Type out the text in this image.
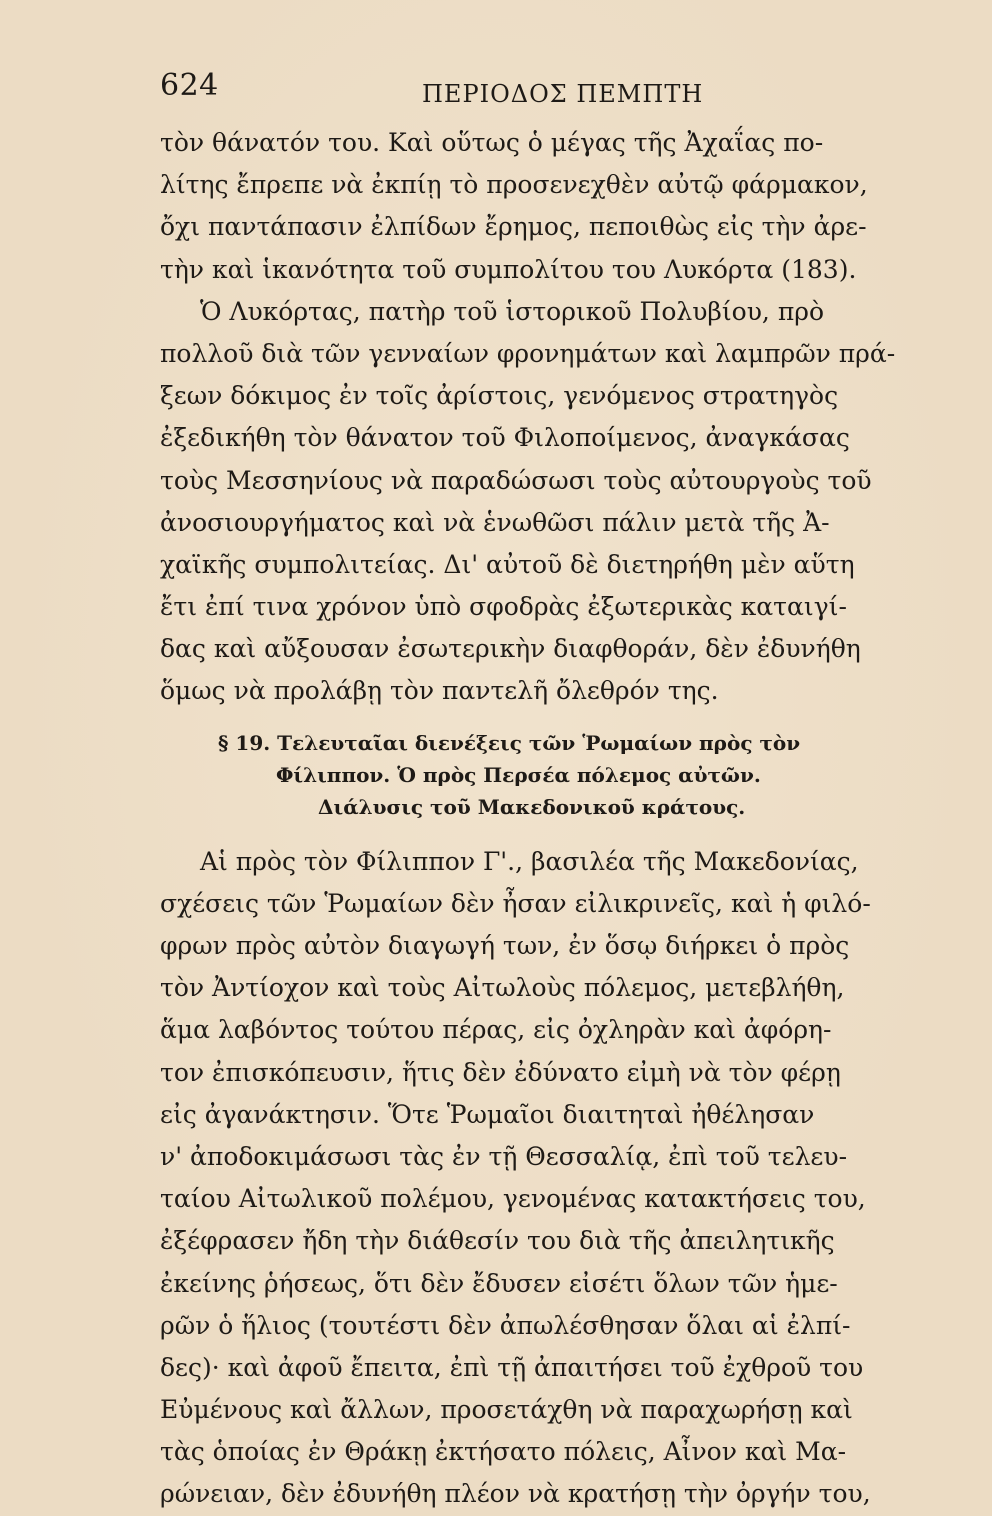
624	ΠΕΡΙΟΔΟΣ ΠΕΜΠΤΗ
τὸν θάνατόν του. Καὶ οὕτως ὁ μέγας τῆς Ἀχαΐας πο-
λίτης ἔπρεπε νὰ ἐκπίῃ τὸ προσενεχθὲν αὐτῷ φάρμακον,
ὄχι παντάπασιν ἐλπίδων ἔρημος, πεποιθὼς εἰς τὴν ἀρε-
τὴν καὶ ἱκανότητα τοῦ συμπολίτου του Λυκόρτα (183).
Ὁ Λυκόρτας, πατὴρ τοῦ ἱστορικοῦ Πολυβίου, πρὸ
πολλοῦ διὰ τῶν γενναίων φρονημάτων καὶ λαμπρῶν πρά-
ξεων δόκιμος ἐν τοῖς ἀρίστοις, γενόμενος στρατηγὸς
ἐξεδικήθη τὸν θάνατον τοῦ Φιλοποίμενος, ἀναγκάσας
τοὺς Μεσσηνίους νὰ παραδώσωσι τοὺς αὐτουργοὺς τοῦ
ἀνοσιουργήματος καὶ νὰ ἑνωθῶσι πάλιν μετὰ τῆς Ἀ-
χαϊκῆς συμπολιτείας. Δι' αὐτοῦ δὲ διετηρήθη μὲν αὕτη
ἔτι ἐπί τινα χρόνον ὑπὸ σφοδρὰς ἐξωτερικὰς καταιγί-
δας καὶ αὔξουσαν ἐσωτερικὴν διαφθοράν, δὲν ἐδυνήθη
ὅμως νὰ προλάβῃ τὸν παντελῆ ὄλεθρόν της.
§ 19. Τελευταῖαι διενέξεις τῶν Ῥωμαίων πρὸς τὸν
Φίλιππον. Ὁ πρὸς Περσέα πόλεμος αὐτῶν.
Διάλυσις τοῦ Μακεδονικοῦ κράτους.
Αἱ πρὸς τὸν Φίλιππον Γ'., βασιλέα τῆς Μακεδονίας,
σχέσεις τῶν Ῥωμαίων δὲν ἦσαν εἰλικρινεῖς, καὶ ἡ φιλό-
φρων πρὸς αὐτὸν διαγωγή των, ἐν ὅσῳ διήρκει ὁ πρὸς
τὸν Ἀντίοχον καὶ τοὺς Αἰτωλοὺς πόλεμος, μετεβλήθη,
ἅμα λαβόντος τούτου πέρας, εἰς ὀχληρὰν καὶ ἀφόρη-
τον ἐπισκόπευσιν, ἥτις δὲν ἐδύνατο εἰμὴ νὰ τὸν φέρῃ
εἰς ἀγανάκτησιν. Ὅτε Ῥωμαῖοι διαιτηταὶ ἠθέλησαν
ν' ἀποδοκιμάσωσι τὰς ἐν τῇ Θεσσαλίᾳ, ἐπὶ τοῦ τελευ-
ταίου Αἰτωλικοῦ πολέμου, γενομένας κατακτήσεις του,
ἐξέφρασεν ἤδη τὴν διάθεσίν του διὰ τῆς ἀπειλητικῆς
ἐκείνης ῥήσεως, ὅτι δὲν ἔδυσεν εἰσέτι ὅλων τῶν ἡμε-
ρῶν ὁ ἥλιος (τουτέστι δὲν ἀπωλέσθησαν ὅλαι αἱ ἐλπί-
δες)· καὶ ἀφοῦ ἔπειτα, ἐπὶ τῇ ἀπαιτήσει τοῦ ἐχθροῦ του
Εὐμένους καὶ ἄλλων, προσετάχθη νὰ παραχωρήσῃ καὶ
τὰς ὁποίας ἐν Θράκῃ ἐκτήσατο πόλεις, Αἶνον καὶ Μα-
ρώνειαν, δὲν ἐδυνήθη πλέον νὰ κρατήσῃ τὴν ὀργήν του,
